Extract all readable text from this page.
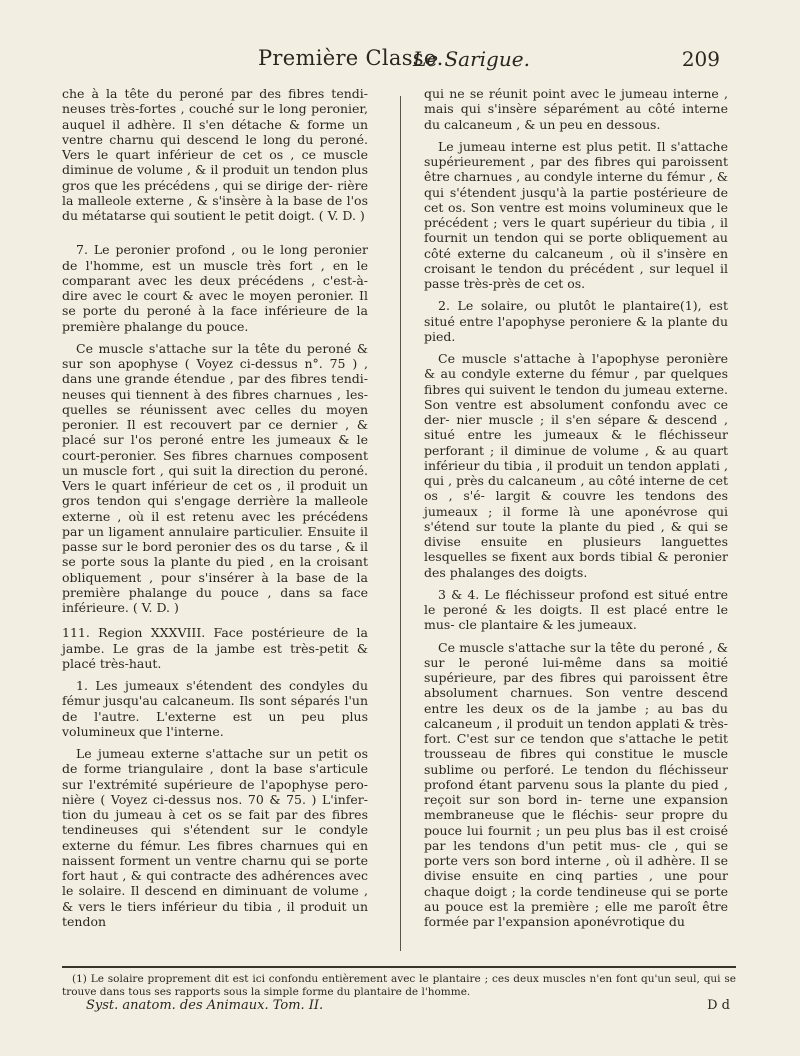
Première Classe.
Le Sarigue.	209

che à la tête du peroné par des fibres tendi- neuses très-fortes , couché sur le long peronier, auquel il adhère. Il s'en détache & forme un ventre charnu qui descend le long du peroné. Vers le quart inférieur de cet os , ce muscle diminue de volume , & il produit un tendon plus gros que les précédens , qui se dirige der- rière la malleole externe , & s'insère à la base de l'os du métatarse qui soutient le petit doigt. ( V. D. )

7. Le peronier profond , ou le long peronier de l'homme, est un muscle très fort , en le comparant avec les deux précédens , c'est-à-dire avec le court & avec le moyen peronier. Il se porte du peroné à la face inférieure de la première phalange du pouce.

Ce muscle s'attache sur la tête du peroné & sur son apophyse ( Voyez ci-dessus n°. 75 ) , dans une grande étendue , par des fibres tendi- neuses qui tiennent à des fibres charnues , les- quelles se réunissent avec celles du moyen peronier. Il est recouvert par ce dernier , & placé sur l'os peroné entre les jumeaux & le court-peronier. Ses fibres charnues composent un muscle fort , qui suit la direction du peroné. Vers le quart inférieur de cet os , il produit un gros tendon qui s'engage derrière la malleole externe , où il est retenu avec les précédens par un ligament annulaire particulier. Ensuite il passe sur le bord peronier des os du tarse , & il se porte sous la plante du pied , en la croisant obliquement , pour s'insérer à la base de la première phalange du pouce , dans sa face inférieure. ( V. D. )

111. Region XXXVIII. Face postérieure de la jambe. Le gras de la jambe est très-petit & placé très-haut.

1. Les jumeaux s'étendent des condyles du fémur jusqu'au calcaneum. Ils sont séparés l'un de l'autre. L'externe est un peu plus volumineux que l'interne.

Le jumeau externe s'attache sur un petit os de forme triangulaire , dont la base s'articule sur l'extrémité supérieure de l'apophyse pero- nière ( Voyez ci-dessus nos. 70 & 75. ) L'infer- tion du jumeau à cet os se fait par des fibres tendineuses qui s'étendent sur le condyle externe du fémur. Les fibres charnues qui en naissent forment un ventre charnu qui se porte fort haut , & qui contracte des adhérences avec le solaire. Il descend en diminuant de volume , & vers le tiers inférieur du tibia , il produit un tendon

qui ne se réunit point avec le jumeau interne , mais qui s'insère séparément au côté interne du calcaneum , & un peu en dessous.

Le jumeau interne est plus petit. Il s'attache supérieurement , par des fibres qui paroissent être charnues , au condyle interne du fémur , & qui s'étendent jusqu'à la partie postérieure de cet os. Son ventre est moins volumineux que le précédent ; vers le quart supérieur du tibia , il fournit un tendon qui se porte obliquement au côté externe du calcaneum , où il s'insère en croisant le tendon du précédent , sur lequel il passe très-près de cet os.

2. Le solaire, ou plutôt le plantaire(1), est situé entre l'apophyse peroniere & la plante du pied.

Ce muscle s'attache à l'apophyse peronière & au condyle externe du fémur , par quelques fibres qui suivent le tendon du jumeau externe. Son ventre est absolument confondu avec ce der- nier muscle ; il s'en sépare & descend , situé entre les jumeaux & le fléchisseur perforant ; il diminue de volume , & au quart inférieur du tibia , il produit un tendon applati , qui , près du calcaneum , au côté interne de cet os , s'é- largit & couvre les tendons des jumeaux ; il forme là une aponévrose qui s'étend sur toute la plante du pied , & qui se divise ensuite en plusieurs languettes lesquelles se fixent aux bords tibial & peronier des phalanges des doigts.

3 & 4. Le fléchisseur profond est situé entre le peroné & les doigts. Il est placé entre le mus- cle plantaire & les jumeaux.

Ce muscle s'attache sur la tête du peroné , & sur le peroné lui-même dans sa moitié supérieure, par des fibres qui paroissent être absolument charnues. Son ventre descend entre les deux os de la jambe ; au bas du calcaneum , il produit un tendon applati & très-fort. C'est sur ce tendon que s'attache le petit trousseau de fibres qui constitue le muscle sublime ou perforé. Le tendon du fléchisseur profond étant parvenu sous la plante du pied , reçoit sur son bord in- terne une expansion membraneuse que le fléchis- seur propre du pouce lui fournit ; un peu plus bas il est croisé par les tendons d'un petit mus- cle , qui se porte vers son bord interne , où il adhère. Il se divise ensuite en cinq parties , une pour chaque doigt ; la corde tendineuse qui se porte au pouce est la première ; elle me paroît être formée par l'expansion aponévrotique du

(1) Le solaire proprement dit est ici confondu entièrement avec le plantaire ; ces deux muscles n'en font qu'un seul, qui se trouve dans tous ses rapports sous la simple forme du plantaire de l'homme.

Syst. anatom. des Animaux. Tom. II.	D d
